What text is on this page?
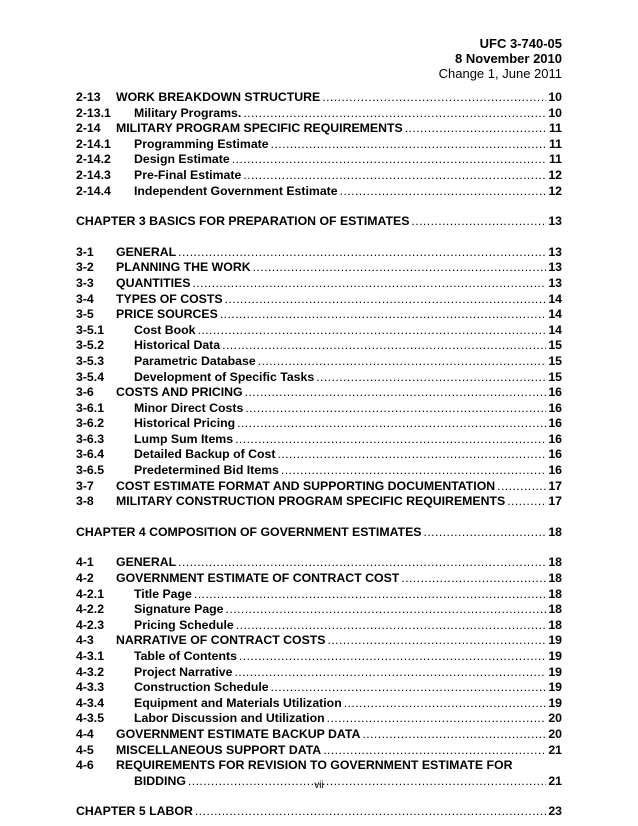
UFC 3-740-05
8 November 2010
Change 1, June 2011
2-13	WORK BREAKDOWN STRUCTURE . . .	10
2-13.1	Military Programs. . . .	10
2-14	MILITARY PROGRAM SPECIFIC REQUIREMENTS . . .	11
2-14.1	Programming Estimate . . .	11
2-14.2	Design Estimate . . .	11
2-14.3	Pre-Final Estimate . . .	12
2-14.4	Independent Government Estimate . . .	12
CHAPTER 3 BASICS FOR PREPARATION OF ESTIMATES . . .	13
3-1	GENERAL . . .	13
3-2	PLANNING THE WORK . . .	13
3-3	QUANTITIES . . .	13
3-4	TYPES OF COSTS . . .	14
3-5	PRICE SOURCES . . .	14
3-5.1	Cost Book . . .	14
3-5.2	Historical Data . . .	15
3-5.3	Parametric Database . . .	15
3-5.4	Development of Specific Tasks . . .	15
3-6	COSTS AND PRICING . . .	16
3-6.1	Minor Direct Costs . . .	16
3-6.2	Historical Pricing . . .	16
3-6.3	Lump Sum Items . . .	16
3-6.4	Detailed Backup of Cost . . .	16
3-6.5	Predetermined Bid Items . . .	16
3-7	COST ESTIMATE FORMAT AND SUPPORTING DOCUMENTATION . . .	17
3-8	MILITARY CONSTRUCTION PROGRAM SPECIFIC REQUIREMENTS . . .	17
CHAPTER 4 COMPOSITION OF GOVERNMENT ESTIMATES . . .	18
4-1	GENERAL . . .	18
4-2	GOVERNMENT ESTIMATE OF CONTRACT COST . . .	18
4-2.1	Title Page . . .	18
4-2.2	Signature Page . . .	18
4-2.3	Pricing Schedule . . .	18
4-3	NARRATIVE OF CONTRACT COSTS . . .	19
4-3.1	Table of Contents . . .	19
4-3.2	Project Narrative . . .	19
4-3.3	Construction Schedule . . .	19
4-3.4	Equipment and Materials Utilization . . .	19
4-3.5	Labor Discussion and Utilization . . .	20
4-4	GOVERNMENT ESTIMATE BACKUP DATA . . .	20
4-5	MISCELLANEOUS SUPPORT DATA . . .	21
4-6	REQUIREMENTS FOR REVISION TO GOVERNMENT ESTIMATE FOR
BIDDING . . .	21
CHAPTER 5 LABOR . . .	23
vii
